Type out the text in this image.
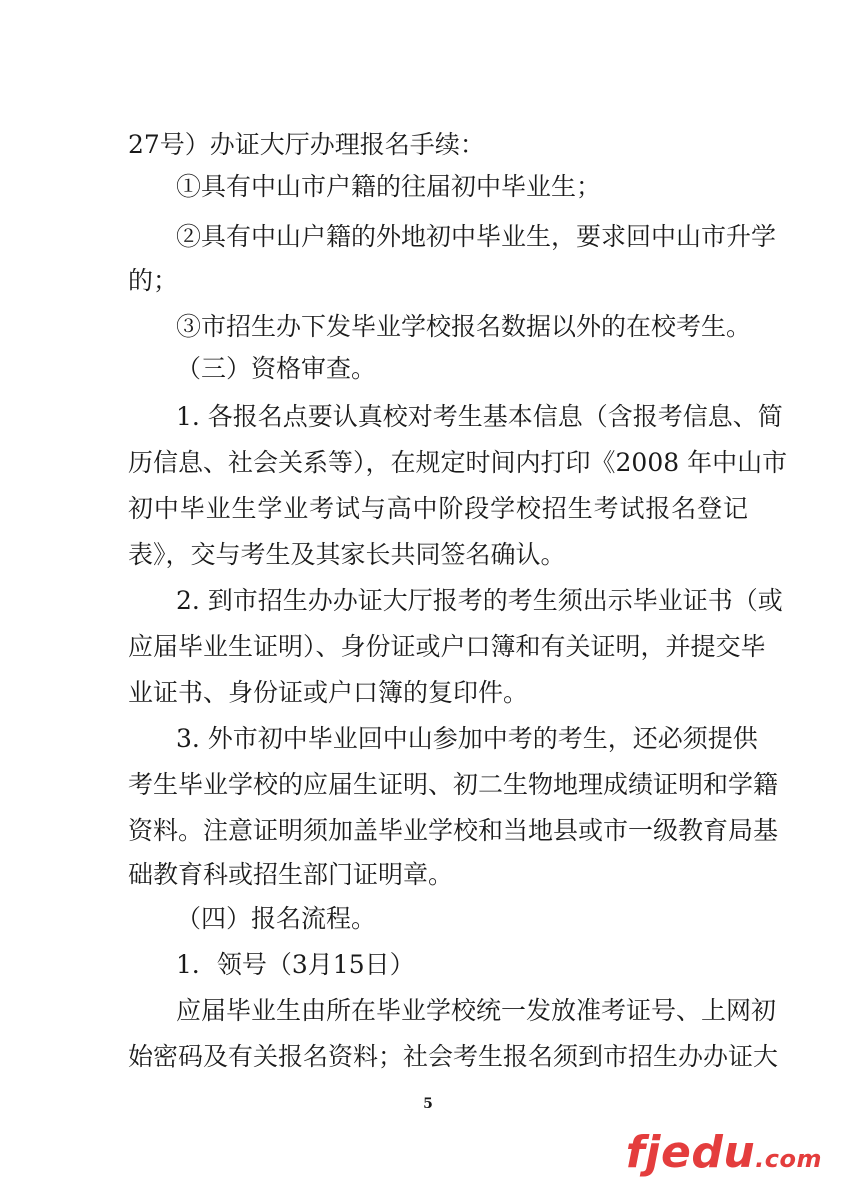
27号）办证大厅办理报名手续：
①具有中山市户籍的往届初中毕业生；
②具有中山户籍的外地初中毕业生，要求回中山市升学
的；
③市招生办下发毕业学校报名数据以外的在校考生。
（三）资格审查。
1. 各报名点要认真校对考生基本信息（含报考信息、简
历信息、社会关系等），在规定时间内打印《2008 年中山市
初中毕业生学业考试与高中阶段学校招生考试报名登记
表》，交与考生及其家长共同签名确认。
2. 到市招生办办证大厅报考的考生须出示毕业证书（或
应届毕业生证明）、身份证或户口簿和有关证明，并提交毕
业证书、身份证或户口簿的复印件。
3. 外市初中毕业回中山参加中考的考生，还必须提供
考生毕业学校的应届生证明、初二生物地理成绩证明和学籍
资料。注意证明须加盖毕业学校和当地县或市一级教育局基
础教育科或招生部门证明章。
（四）报名流程。
1．领号（3月15日）
应届毕业生由所在毕业学校统一发放准考证号、上网初
始密码及有关报名资料；社会考生报名须到市招生办办证大
5
fjedu.com
